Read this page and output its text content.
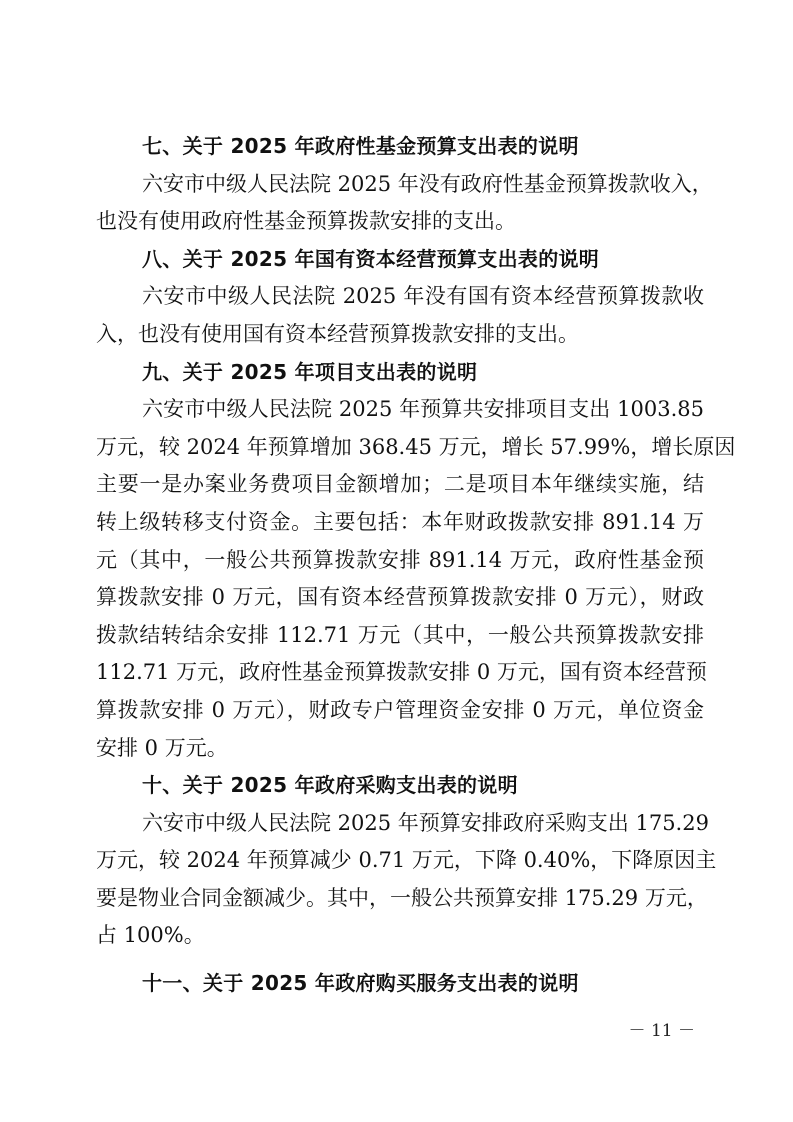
七、关于 2025 年政府性基金预算支出表的说明
六安市中级人民法院 2025 年没有政府性基金预算拨款收入，
也没有使用政府性基金预算拨款安排的支出。
八、关于 2025 年国有资本经营预算支出表的说明
六安市中级人民法院 2025 年没有国有资本经营预算拨款收
入，也没有使用国有资本经营预算拨款安排的支出。
九、关于 2025 年项目支出表的说明
六安市中级人民法院 2025 年预算共安排项目支出 1003.85
万元，较 2024 年预算增加 368.45 万元，增长 57.99%，增长原因
主要一是办案业务费项目金额增加；二是项目本年继续实施，结
转上级转移支付资金。主要包括：本年财政拨款安排 891.14 万
元（其中，一般公共预算拨款安排 891.14 万元，政府性基金预
算拨款安排 0 万元，国有资本经营预算拨款安排 0 万元），财政
拨款结转结余安排 112.71 万元（其中，一般公共预算拨款安排
112.71 万元，政府性基金预算拨款安排 0 万元，国有资本经营预
算拨款安排 0 万元），财政专户管理资金安排 0 万元，单位资金
安排 0 万元。
十、关于 2025 年政府采购支出表的说明
六安市中级人民法院 2025 年预算安排政府采购支出 175.29
万元，较 2024 年预算减少 0.71 万元，下降 0.40%，下降原因主
要是物业合同金额减少。其中，一般公共预算安排 175.29 万元，
占 100%。
十一、关于 2025 年政府购买服务支出表的说明
－ 11 －
